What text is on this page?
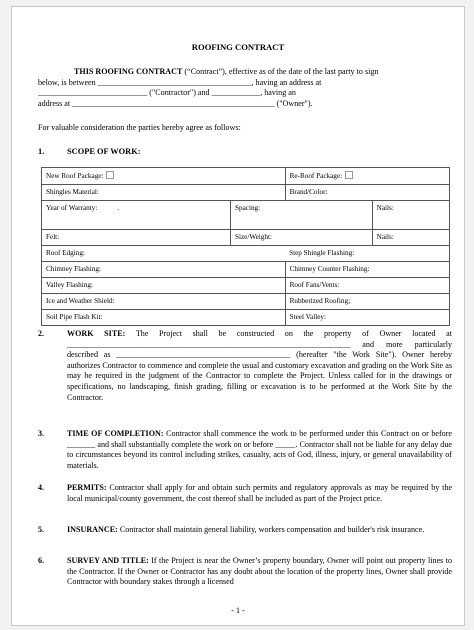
ROOFING CONTRACT
THIS ROOFING CONTRACT (“Contract”), effective as of the date of the last party to sign
below, is between ______________________________________, having an address at
___________________________ ("Contractor") and ____________, having an
address at __________________________________________________ ("Owner").
For valuable consideration the parties hereby agree as follows:
1.	SCOPE OF WORK:
New Roof Package:		Re-Roof Package:	
Shingles Material:		Brand/Color:	
Year of Warranty: .	Spacing:		Nails:
Felt:	Size/Weight:		Nails:
Roof Edging:		Step Shingle Flashing:	
Chimney Flashing:		Chimney Counter Flashing:	
Valley Flashing:		Roof Fans/Vents:	
Ice and Weather Shield:		Rubberized Roofing;	
Soil Pipe Flash Kit:		Steel Valley:	
2.	WORK SITE: The Project shall be constructed on the property of Owner located at ______________________________________________________________________ and more particularly described as ___________________________________________ (hereafter "the Work Site"). Owner hereby authorizes Contractor to commence and complete the usual and customary excavation and grading on the Work Site as may be required in the judgment of the Contractor to complete the Project. Unless called for in the drawings or specifications, no landscaping, finish grading, filling or excavation is to be performed at the Work Site by the Contractor.
3.	TIME OF COMPLETION: Contractor shall commence the work to be performed under this Contract on or before _______ and shall substantially complete the work on or before _____. Contractor shall not be liable for any delay due to circumstances beyond its control including strikes, casualty, acts of God, illness, injury, or general unavailability of materials.
4.	PERMITS: Contractor shall apply for and obtain such permits and regulatory approvals as may be required by the local municipal/county government, the cost thereof shall be included as part of the Project price.
5.	INSURANCE: Contractor shall maintain general liability, workers compensation and builder's risk insurance.
6.	SURVEY AND TITLE: If the Project is near the Owner’s property boundary, Owner will point out property lines to the Contractor. If the Owner or Contractor has any doubt about the location of the property lines, Owner shall provide Contractor with boundary stakes through a licensed
- 1 -
